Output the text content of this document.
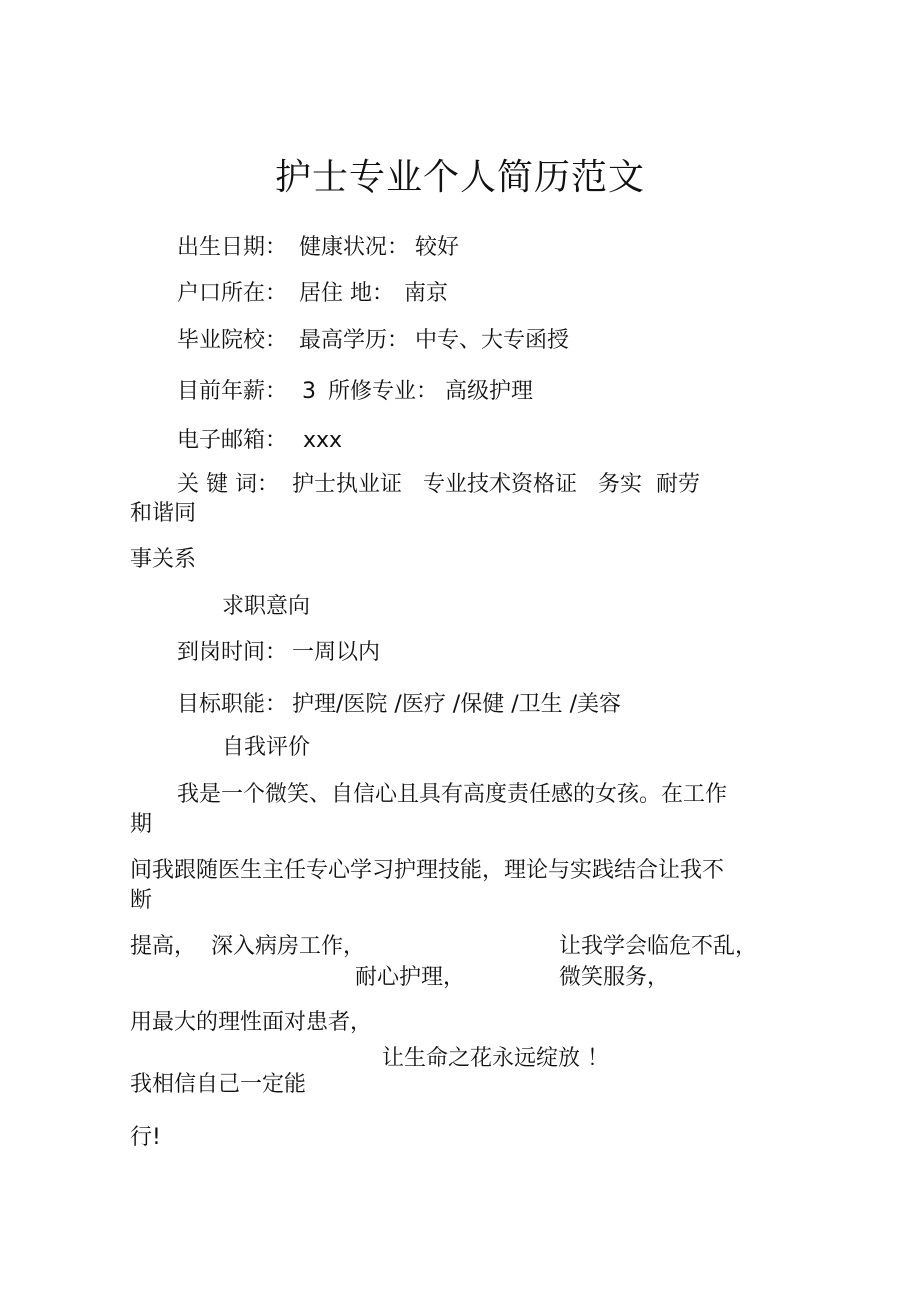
护士专业个人简历范文
出生日期： 健康状况： 较好
户口所在： 居住 地： 南京
毕业院校： 最高学历： 中专、大专函授
目前年薪： 3 所修专业： 高级护理
电子邮箱： xxx
关 键 词： 护士执业证 专业技术资格证 务实 耐劳
和谐同
事关系
求职意向
到岗时间： 一周以内
目标职能： 护理/医院 /医疗 /保健 /卫生 /美容
自我评价
我是一个微笑、自信心且具有高度责任感的女孩。在工作
期
间我跟随医生主任专心学习护理技能，理论与实践结合让我不
断
提高， 深入病房工作，	让我学会临危不乱，
耐心护理，	微笑服务，
用最大的理性面对患者，
让生命之花永远绽放 ！
我相信自己一定能
行!
